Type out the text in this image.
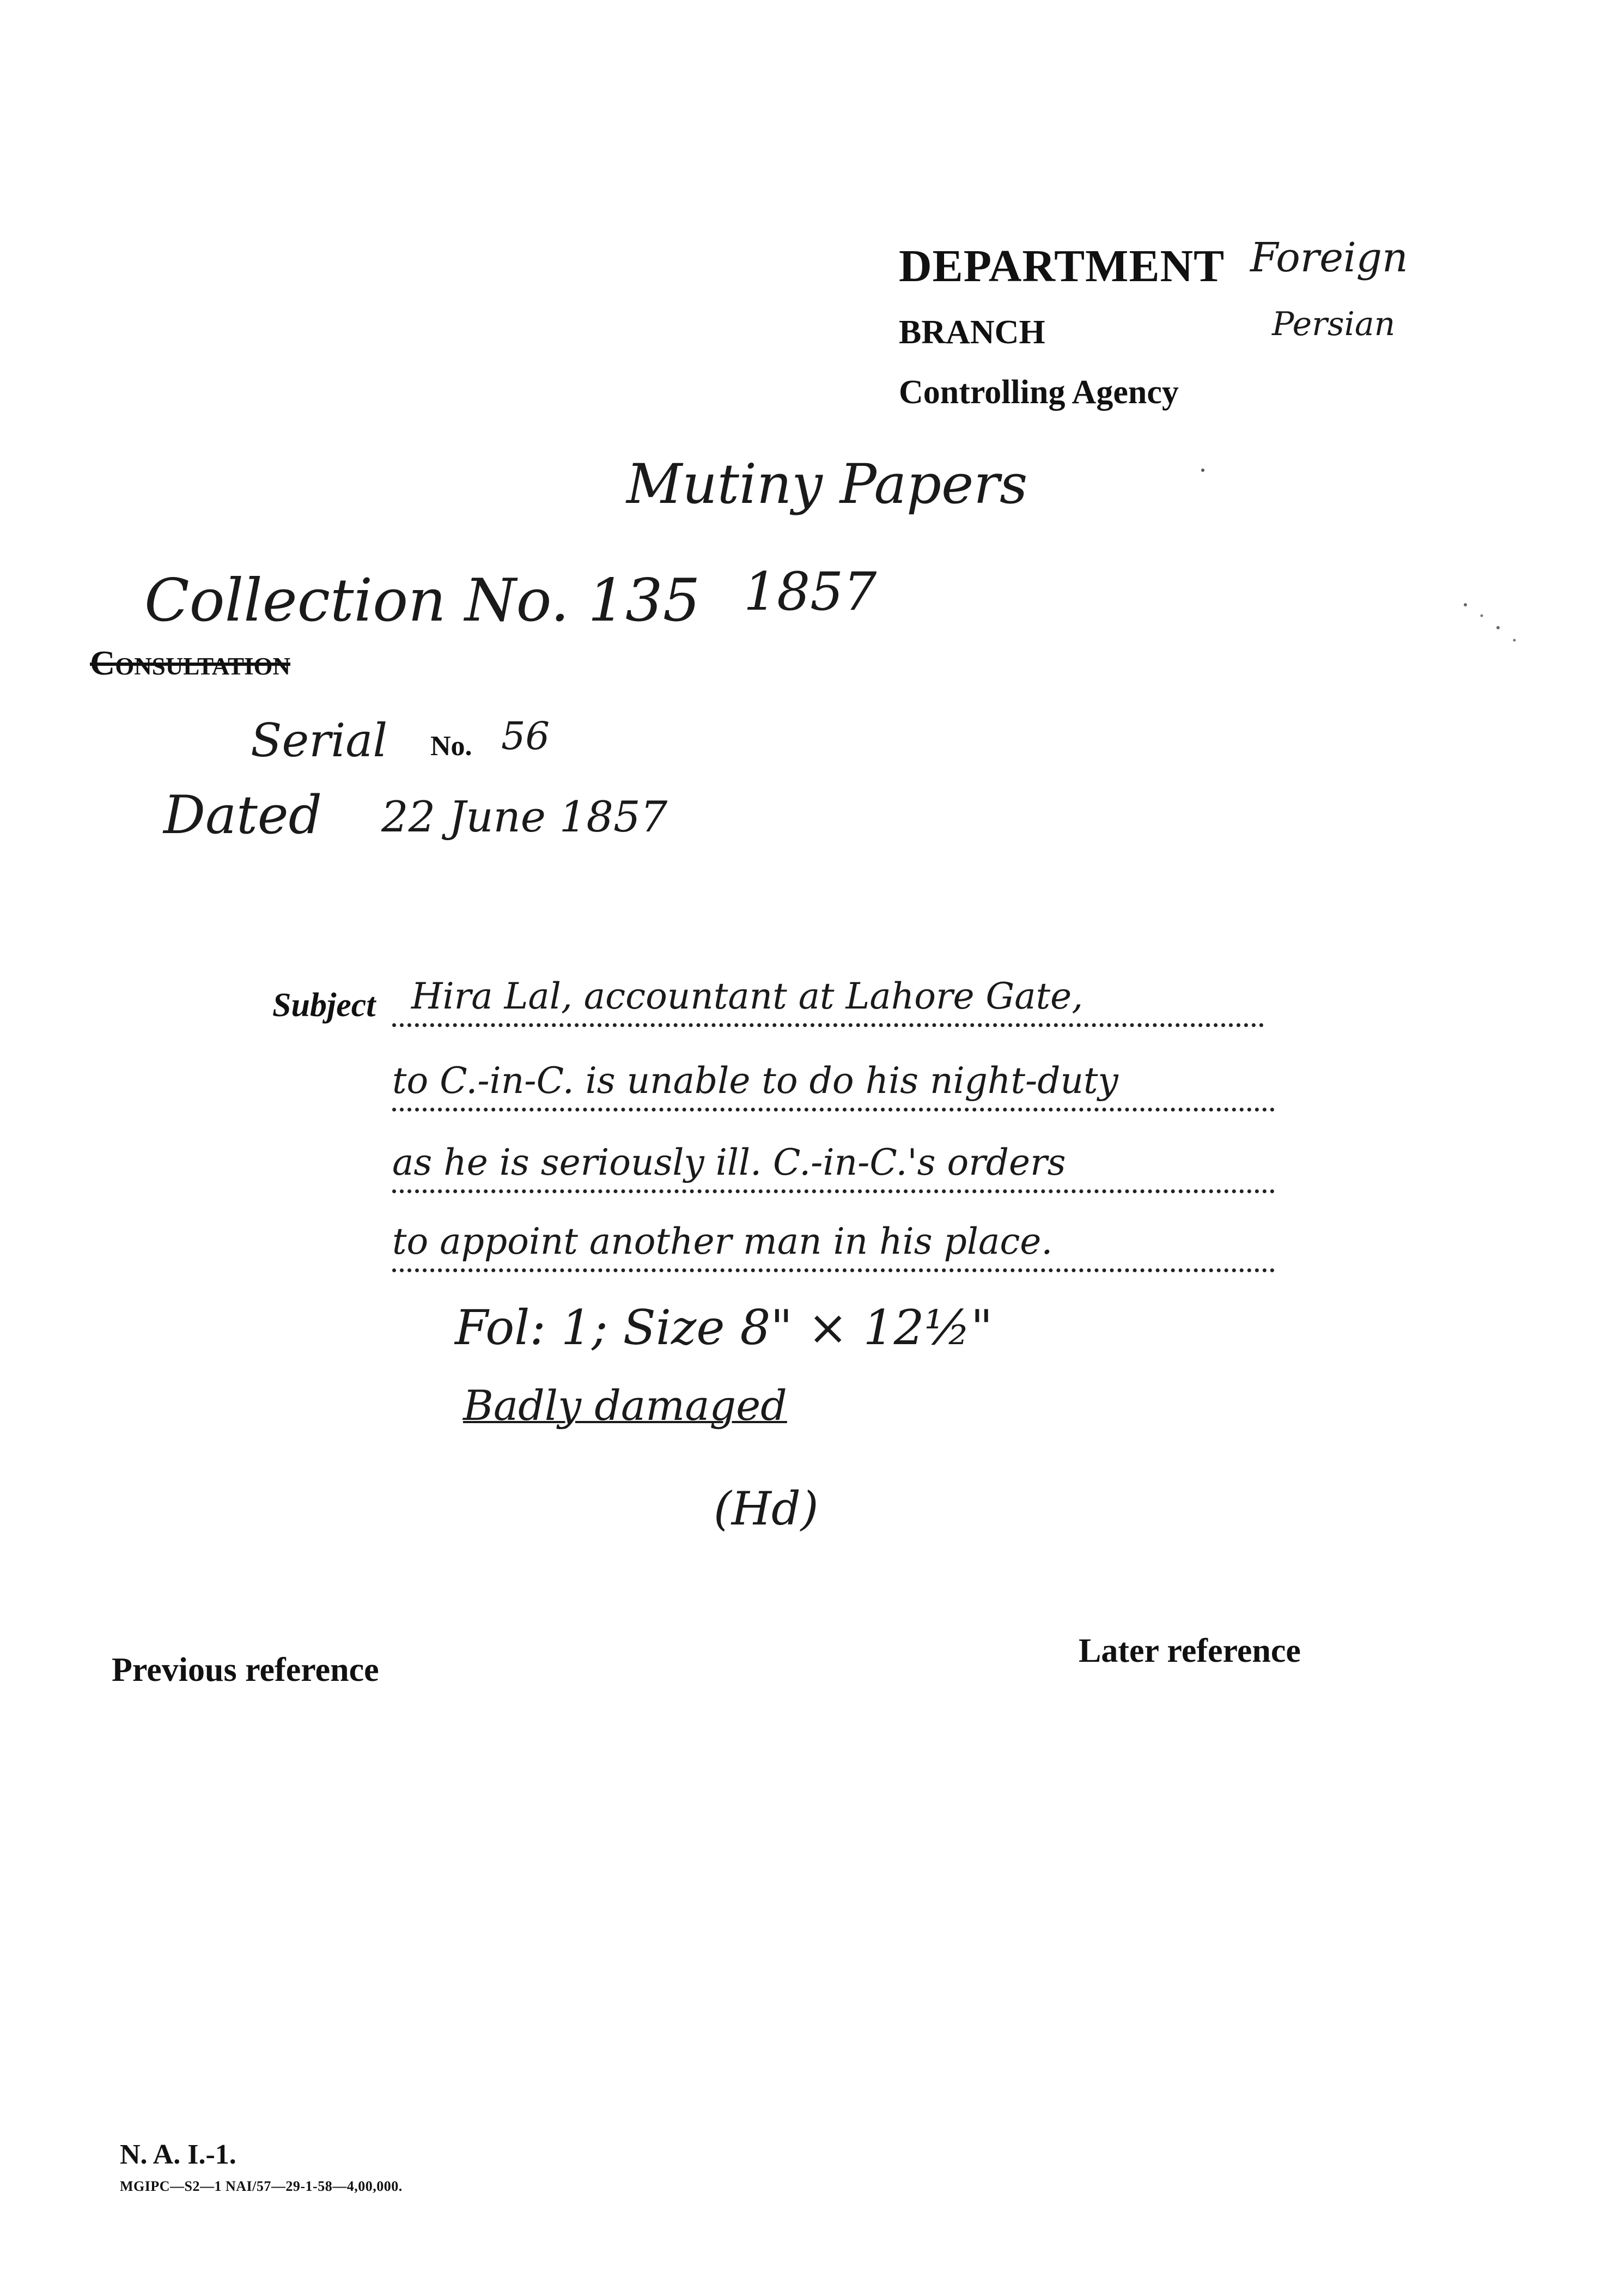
DEPARTMENT
BRANCH
Controlling Agency
Consultation
No.
Subject
Previous reference
Later reference
N. A. I.-1.
MGIPC—S2—1 NAI/57—29-1-58—4,00,000.
Foreign
Persian
Mutiny Papers
1857
Collection No. 135
Serial	56
Dated 22 June 1857
Hira Lal, accountant at Lahore Gate,
to C.-in-C. is unable to do his night-duty
as he is seriously ill. C.-in-C.'s orders
to appoint another man in his place.
Fol: 1; Size 8" × 12½"
Badly damaged
(Hd)
